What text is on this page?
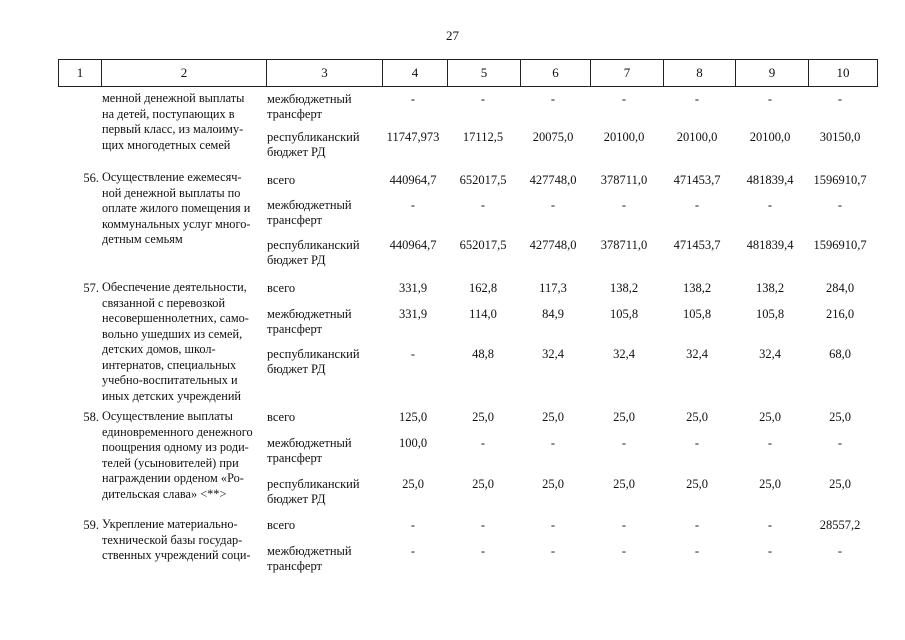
27
1	2	3	4	5	6	7	8	9	10
менной денежной выплаты
на детей, поступающих в
первый класс, из малоиму-
щих многодетных семей
межбюджетный
трансферт
-	-	-	-	-	-	-
республиканский
бюджет РД
11747,973	17112,5	20075,0	20100,0	20100,0	20100,0	30150,0
56. Осуществление ежемесяч-
ной денежной выплаты по
оплате жилого помещения и
коммунальных услуг много-
детным семьям
всего	440964,7	652017,5	427748,0	378711,0	471453,7	481839,4	1596910,7
межбюджетный
трансферт
-	-	-	-	-	-	-
республиканский
бюджет РД
440964,7	652017,5	427748,0	378711,0	471453,7	481839,4	1596910,7
57. Обеспечение деятельности,
связанной с перевозкой
несовершеннолетних, само-
вольно ушедших из семей,
детских домов, школ-
интернатов, специальных
учебно-воспитательных и
иных детских учреждений
всего	331,9	162,8	117,3	138,2	138,2	138,2	284,0
межбюджетный
трансферт
331,9	114,0	84,9	105,8	105,8	105,8	216,0
республиканский
бюджет РД
-	48,8	32,4	32,4	32,4	32,4	68,0
58. Осуществление выплаты
единовременного денежного
поощрения одному из роди-
телей (усыновителей) при
награждении орденом «Ро-
дительская слава» <**>
всего	125,0	25,0	25,0	25,0	25,0	25,0	25,0
межбюджетный
трансферт
100,0	-	-	-	-	-	-
республиканский
бюджет РД
25,0	25,0	25,0	25,0	25,0	25,0	25,0
59. Укрепление материально-
технической базы государ-
ственных учреждений соци-
всего	-	-	-	-	-	-	28557,2
межбюджетный
трансферт
-	-	-	-	-	-	-
